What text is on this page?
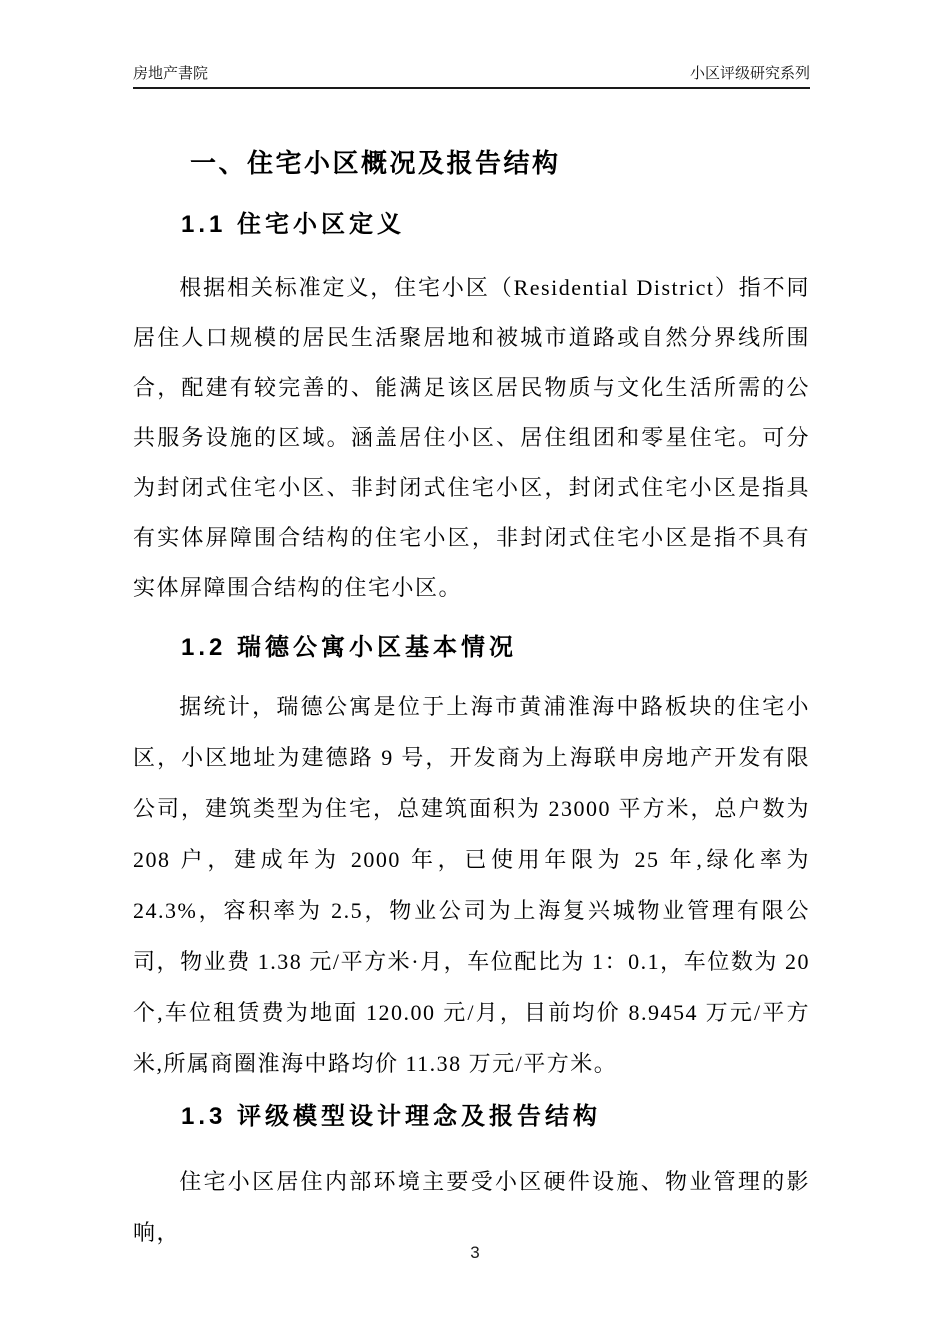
房地产書院	小区评级研究系列
一、住宅小区概况及报告结构
1.1 住宅小区定义

根据相关标准定义，住宅小区（Residential District）指不同居住人口规模的居民生活聚居地和被城市道路或自然分界线所围合，配建有较完善的、能满足该区居民物质与文化生活所需的公共服务设施的区域。涵盖居住小区、居住组团和零星住宅。可分为封闭式住宅小区、非封闭式住宅小区，封闭式住宅小区是指具有实体屏障围合结构的住宅小区，非封闭式住宅小区是指不具有实体屏障围合结构的住宅小区。

1.2 瑞德公寓小区基本情况

据统计，瑞德公寓是位于上海市黄浦淮海中路板块的住宅小区，小区地址为建德路 9 号，开发商为上海联申房地产开发有限公司，建筑类型为住宅，总建筑面积为 23000 平方米，总户数为 208 户，建成年为 2000 年，已使用年限为 25 年,绿化率为 24.3%，容积率为 2.5，物业公司为上海复兴城物业管理有限公司，物业费 1.38 元/平方米·月，车位配比为 1：0.1，车位数为 20 个,车位租赁费为地面 120.00 元/月，目前均价 8.9454 万元/平方米,所属商圈淮海中路均价 11.38 万元/平方米。

1.3 评级模型设计理念及报告结构

住宅小区居住内部环境主要受小区硬件设施、物业管理的影响，

3
